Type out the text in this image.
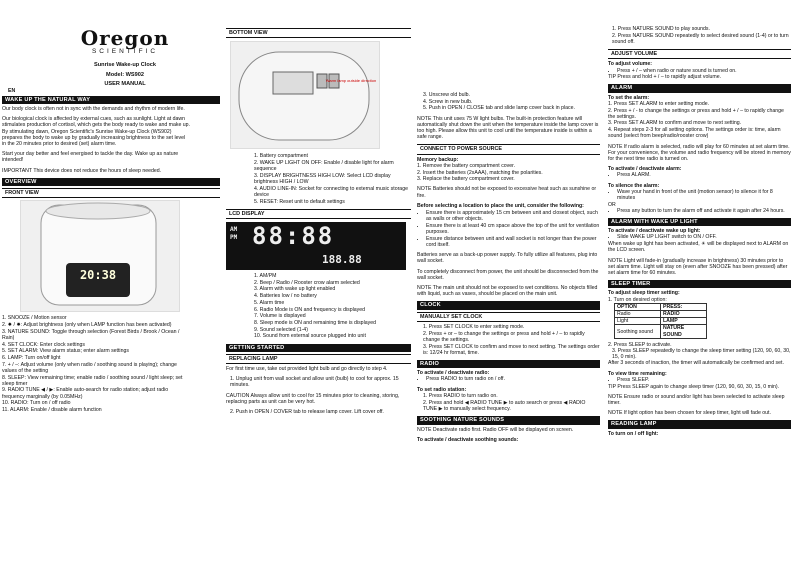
Oregon
SCIENTIFIC
Sunrise Wake-up Clock
Model: WS902
USER MANUAL
EN
WAKE UP THE NATURAL WAY

Our body clock is often not in sync with the demands and rhythm of modern life.

Our biological clock is affected by external cues, such as sunlight. Light at dawn stimulates production of cortisol, which gets the body ready to wake and make up. By stimulating dawn, Oregon Scientific's Sunrise Wake-up Clock (WS902) prepares the body to wake up by gradually increasing brightness to the set level in the 20 minutes prior to desired (set) alarm time.

Start your day better and feel energised to tackle the day. Wake up as nature intended!

IMPORTANT This device does not reduce the hours of sleep needed.

OVERVIEW
FRONT VIEW
20:38
1. SNOOZE / Motion sensor
2. ✹ / ✹: Adjust brightness (only when LAMP function has been activated)
3. NATURE SOUND: Toggle through selection (Forest Birds / Brook / Ocean / Rain)
4. SET CLOCK: Enter clock settings
5. SET ALARM: View alarm status; enter alarm settings
6. LAMP: Turn on/off light
7. + / –: Adjust volume (only when radio / soothing sound is playing); change values of the setting
8. SLEEP: View remaining time; enable radio / soothing sound / light sleep; set sleep timer
9. RADIO TUNE ◀ / ▶: Enable auto-search for radio station; adjust radio frequency marginally (by 0.05MHz)
10. RADIO: Turn on / off radio
11. ALARM: Enable / disable alarm function
BOTTOM VIEW
Warm lamp outside direction
1. Battery compartment
2. WAKE UP LIGHT ON OFF: Enable / disable light for alarm sequence
3. DISPLAY BRIGHTNESS HIGH LOW: Select LCD display brightness HIGH / LOW
4. AUDIO LINE-IN: Socket for connecting to external music storage device
5. RESET: Reset unit to default settings
LCD DISPLAY
AM
PM 88:88
188.88
1. AM/PM
2. Beep / Radio / Rooster crow alarm selected
3. Alarm with wake up light enabled
4. Batteries low / no battery
5. Alarm time
6. Radio Mode is ON and frequency is displayed
7. Volume is displayed
8. Sleep mode is ON and remaining time is displayed
9. Sound selected (1-4)
10. Sound from external source plugged into unit
GETTING STARTED
REPLACING LAMP

For first time use, take out provided light bulb and go directly to step 4.

1. Unplug unit from wall socket and allow unit (bulb) to cool for approx. 15 minutes.

CAUTION Always allow unit to cool for 15 minutes prior to cleaning, storing, replacing parts as unit can be very hot.

2. Push in OPEN / COVER tab to release lamp cover. Lift cover off.

3. Unscrew old bulb.
4. Screw in new bulb.
5. Push in OPEN / CLOSE tab and slide lamp cover back in place.

NOTE This unit uses 75 W light bulbs. The built-in protection feature will automatically shut down the unit when the temperature inside the lamp cover is too high. Please allow this unit to cool until the temperature inside is within a safe range.

CONNECT TO POWER SOURCE
Memory backup:
1. Remove the battery compartment cover.
2. Insert the batteries (2xAAA), matching the polarities.
3. Replace the battery compartment cover.

NOTE Batteries should not be exposed to excessive heat such as sunshine or fire.

Before selecting a location to place the unit, consider the following:

• Ensure there is approximately 15 cm between unit and closest object, such as walls or other objects.
• Ensure there is at least 40 cm space above the top of the unit for ventilation purposes.
• Ensure distance between unit and wall socket is not longer than the power cord itself.

Batteries serve as a back-up power supply. To fully utilize all features, plug into wall socket.

To completely disconnect from power, the unit should be disconnected from the wall socket.

NOTE The main unit should not be exposed to wet conditions. No objects filled with liquid, such as vases, should be placed on the main unit.

CLOCK
MANUALLY SET CLOCK
1. Press SET CLOCK to enter setting mode.
2. Press + or – to change the settings or press and hold + / – to rapidly change the settings.
3. Press SET CLOCK to confirm and move to next setting. The settings order is: 12/24 hr format, time.
RADIO
To activate / deactivate radio:
• Press RADIO to turn radio on / off.
To set radio station:

1. Press RADIO to turn radio on.

2. Press and hold ◀ RADIO TUNE ▶ to auto search or press ◀ RADIO TUNE ▶ to manually select frequency.

SOOTHING NATURE SOUNDS

NOTE Deactivate radio first. Radio OFF will be displayed on screen.

To activate / deactivate soothing sounds:
1. Press NATURE SOUND to play sounds.
2. Press NATURE SOUND repeatedly to select desired sound (1-4) or to turn sound off.
ADJUST VOLUME
To adjust volume:
• Press + / – when radio or nature sound is turned on.

TIP Press and hold + / – to rapidly adjust volume.

ALARM
To set the alarm:
1. Press SET ALARM to enter setting mode.
2. Press + / - to change the settings or press and hold + / – to rapidly change the settings.
3. Press SET ALARM to confirm and move to next setting.
4. Repeat steps 2-3 for all setting options. The settings order is: time, alarm sound (select from beep/radio/rooster crow)

NOTE If radio alarm is selected, radio will play for 60 minutes at set alarm time.

For your convenience, the volume and radio frequency will be stored in memory for the next time radio is turned on.

To activate / deactivate alarm:
• Press ALARM.
To silence the alarm:
• Wave your hand in front of the unit (motion sensor) to silence it for 8 minutes
OR
• Press any button to turn the alarm off and activate it again after 24 hours.
ALARM WITH WAKE UP LIGHT
To activate / deactivate wake up light:
• Slide WAKE UP LIGHT switch to ON / OFF.

When wake up light has been activated, ☀ will be displayed next to ALARM on the LCD screen.

NOTE Light will fade-in (gradually increase in brightness) 30 minutes prior to set alarm time. Light will stay on (even after SNOOZE has been pressed) after set alarm time for 60 minutes.

SLEEP TIMER
To adjust sleep timer setting:
1. Turn on desired option:
OPTION	PRESS:
Radio	RADIO
Light	LAMP
Soothing sound	NATURE SOUND
2. Press SLEEP to activate.
3. Press SLEEP repeatedly to change the sleep timer setting (120, 90, 60, 30, 15, 0 min).

After 3 seconds of inaction, the timer will automatically be confirmed and set.

To view time remaining:
• Press SLEEP.

TIP Press SLEEP again to change sleep timer (120, 90, 60, 30, 15, 0 min).

NOTE Ensure radio or sound and/or light has been selected to activate sleep timer.

NOTE If light option has been chosen for sleep timer, light will fade out.

READING LAMP
To turn on / off light:
